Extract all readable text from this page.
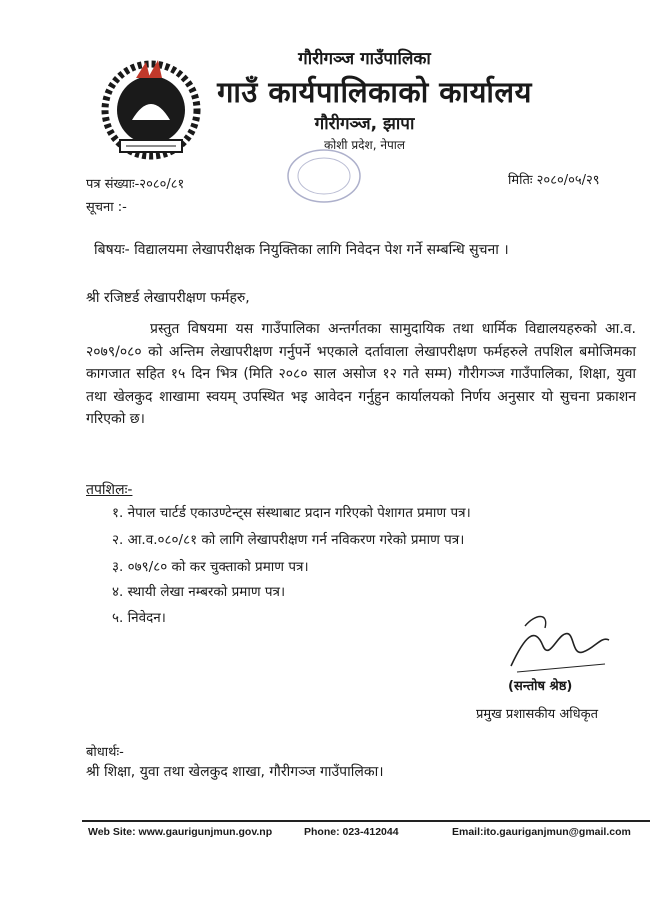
गौरीगञ्ज गाउँपालिका
गाउँ कार्यपालिकाको कार्यालय
गौरीगञ्ज, झापा
कोशी प्रदेश, नेपाल
पत्र संख्याः-२०८०/८१	मितिः २०८०/०५/२९
सूचना :-
बिषयः- विद्यालयमा लेखापरीक्षक नियुक्तिका लागि निवेदन पेश गर्ने सम्बन्धि सुचना ।
श्री रजिष्टर्ड लेखापरीक्षण फर्महरु,
प्रस्तुत विषयमा यस गाउँपालिका अन्तर्गतका सामुदायिक तथा धार्मिक विद्यालयहरुको आ.व. २०७९/०८० को अन्तिम लेखापरीक्षण गर्नुपर्ने भएकाले दर्तावाला लेखापरीक्षण फर्महरुले तपशिल बमोजिमका कागजात सहित १५ दिन भित्र (मिति २०८० साल असोज १२ गते सम्म) गौरीगञ्ज गाउँपालिका, शिक्षा, युवा तथा खेलकुद शाखामा स्वयम् उपस्थित भइ आवेदन गर्नुहुन कार्यालयको निर्णय अनुसार यो सुचना प्रकाशन गरिएको छ।
तपशिलः-
१. नेपाल चार्टर्ड एकाउण्टेन्ट्स संस्थाबाट प्रदान गरिएको पेशागत प्रमाण पत्र।
२. आ.व.०८०/८१ को लागि लेखापरीक्षण गर्न नविकरण गरेको प्रमाण पत्र।
३. ०७९/८० को कर चुक्ताको प्रमाण पत्र।
४. स्थायी लेखा नम्बरको प्रमाण पत्र।
५. निवेदन।
(सन्तोष श्रेष्ठ)
प्रमुख प्रशासकीय अधिकृत
बोधार्थः-
श्री शिक्षा, युवा तथा खेलकुद शाखा, गौरीगञ्ज गाउँपालिका।
Web Site: www.gaurigunjmun.gov.np	Phone: 023-412044	Email:ito.gauriganjmun@gmail.com
